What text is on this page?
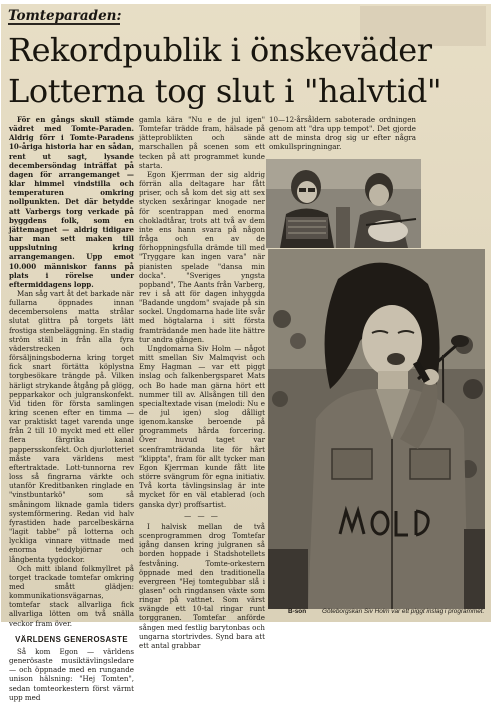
Tomteparaden:

Rekordpublik i önskeväder
Lotterna tog slut i "halvtid"

För en gångs skull stämde vädret med Tomte-Paraden. Aldrig förr i Tomte-Paradens 10-åriga historia har en sådan, rent ut sagt, lysande decembersöndag inträffat på dagen för arrangemanget — klar himmel vindstilla och temperaturen omkring nollpunkten. Det där betydde att Varbergs torg verkade på byggdens folk, som en jättemagnet — aldrig tidigare har man sett maken till uppslutning kring arrangemangen. Upp emot 10.000 människor fanns på plats i rörelse under eftermiddagens lopp.

Man såg vart åt det barkade när fullarna öppnades innan decembersolens matta strålar slutat glittra på torgets lätt frostiga stenbeläggning. En stadig ström ställ in från alla fyra väderstrecken och försäljningsboderna kring torget fick snart förtätta köplystna torgbesökare trängde på. Vilken härligt strykande åtgång på glögg, pepparkakor och julgranskonfekt. Vid tiden för första samlingen kring scenen efter en timma — var praktiskt taget varenda unge från 2 till 10 myckt med ett eller flera färgrika kanal pappersskonfekt. Och djurlotteriet måste vara världens mest eftertraktade. Lott-tunnorna rev loss så fingrarna värkte och utanför Kreditbanken ringlade en "vinstbuntarkö" som så småningom liknade gamla tiders systemförmering. Redan vid halv fyrastiden hade parcelbeskärna "lagit tabbe" på lotterna och lyckliga vinnare vittnade med enorma teddybjörnar och långbenta tygdockor.

Och mitt ibland folkmyllret på torget trackade tomtefar omkring med smått glädjen: kommunikationsvägarnas, tomtefar stack allvarliga fick allvarliga lötten om två snälla veckor fram över.

VÄRLDENS GENEROSASTE

Så kom Egon — världens generösaste musiktävlingsledare — och öppnade med en rungande unison hälsning: "Hej Tomten", sedan tomteorkestern först värmt upp med

gamla kära "Nu e de jul igen" Tomtefar trädde fram, hälsade på jätteproblikten och sände marschallen på scenen som ett tecken på att programmet kunde starta.

Egon Kjerrman der sig aldrig förrän alla deltagare har fått priser, och så kom det sig att sex stycken sexåringar knogade ner för scentrappan med enorma chokladtårar, trots att två av dem inte ens hann svara på någon fråga och en av de förhoppningsfulla drämde till med "Tryggare kan ingen vara" när pianisten spelade "dansa min docka". "Sveriges yngsta popband", The Aants från Varberg, rev i så att för dagen inhyggda "Badande ungdom" svajade på sin sockel. Ungdomarna hade lite svår med högtalarna i sitt första framträdande men hade lite hättre tur andra gången.

Ungdomarna Siv Holm — något mitt smellan Siv Malmqvist och Emy Hagman — var ett piggt inslag och falkenbergsparet Mats och Bo hade man gärna hört ett nummer till av. Allsången till den speciaItextade visan (melodi: Nu e de jul igen) slog dålligt igenom.kanske beroende på programmets hårda forcering. Över huvud taget var scenframträdanda lite för hårt "klippta", fram för allt tycker man Egon Kjerrman kunde fått lite större svängrum för egna initiativ. Två korta tävlingsinslag är inte mycket för en väl etablerad (och ganska dyr) proffsartist.

— — —

I halvisk mellan de två scenprogrammen drog Tomtefar igång dansen kring julgranen så borden hoppade i Stadshotellets festvåning. Tomte-orkestern öppnade med den traditionella evergreen "Hej tomtegubbar slå i glasen" och ringdansen växte som ringar på vattnet. Som värst svängde ett 10-tal ringar runt torggranen. Tomtefar anförde sången med festlig barytonbas och ungarna stortrivdes. Synd bara att ett antal grabbar

10—12-årsåldern saboterade ordningen genom att "dra upp tempot". Det gjorde att de minsta drog sig ur efter några omkullspringningar.

B-son	Göteborgskan Siv Holm var ett piggt inslag i programmet.
